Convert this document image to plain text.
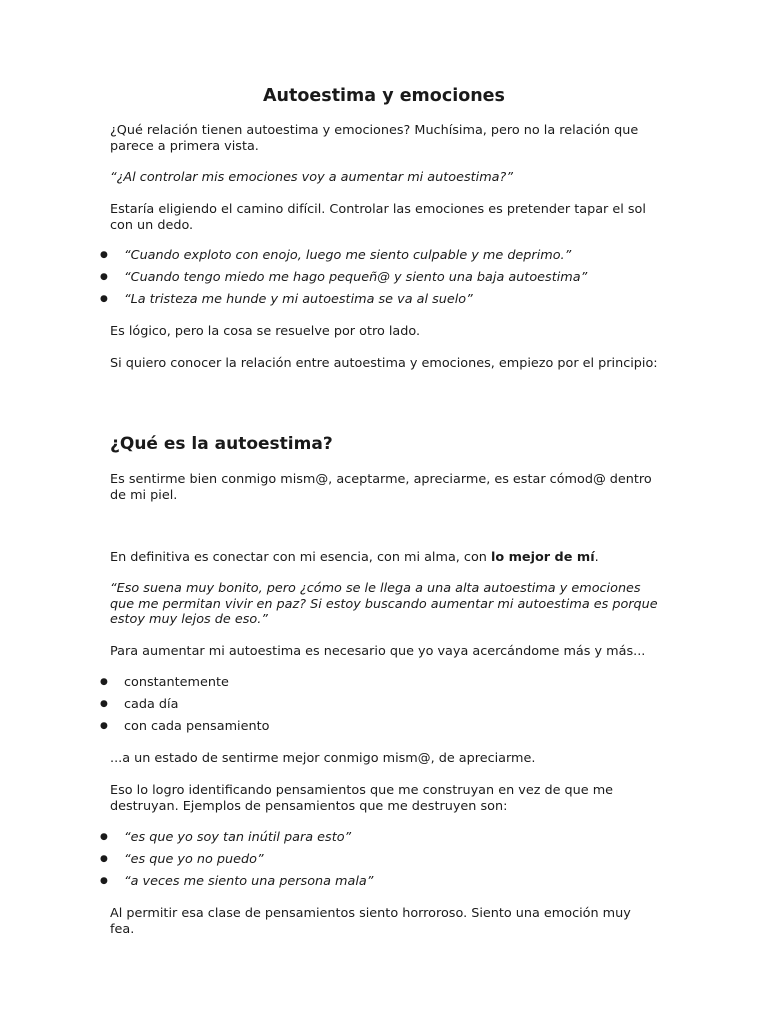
Autoestima y emociones

¿Qué relación tienen autoestima y emociones? Muchísima, pero no la relación que parece a primera vista.

“¿Al controlar mis emociones voy a aumentar mi autoestima?”

Estaría eligiendo el camino difícil. Controlar las emociones es pretender tapar el sol con un dedo.

● “Cuando exploto con enojo, luego me siento culpable y me deprimo.”

● “Cuando tengo miedo me hago pequeñ@ y siento una baja autoestima”

● “La tristeza me hunde y mi autoestima se va al suelo”

Es lógico, pero la cosa se resuelve por otro lado.

Si quiero conocer la relación entre autoestima y emociones, empiezo por el principio:

¿Qué es la autoestima?

Es sentirme bien conmigo mism@, aceptarme, apreciarme, es estar cómod@ dentro de mi piel.

En definitiva es conectar con mi esencia, con mi alma, con lo mejor de mí.

“Eso suena muy bonito, pero ¿cómo se le llega a una alta autoestima y emociones que me permitan vivir en paz? Si estoy buscando aumentar mi autoestima es porque estoy muy lejos de eso.”

Para aumentar mi autoestima es necesario que yo vaya acercándome más y más...

● constantemente

● cada día

● con cada pensamiento

...a un estado de sentirme mejor conmigo mism@, de apreciarme.

Eso lo logro identificando pensamientos que me construyan en vez de que me destruyan. Ejemplos de pensamientos que me destruyen son:

● “es que yo soy tan inútil para esto”

● “es que yo no puedo”

● “a veces me siento una persona mala”

Al permitir esa clase de pensamientos siento horroroso. Siento una emoción muy fea.
